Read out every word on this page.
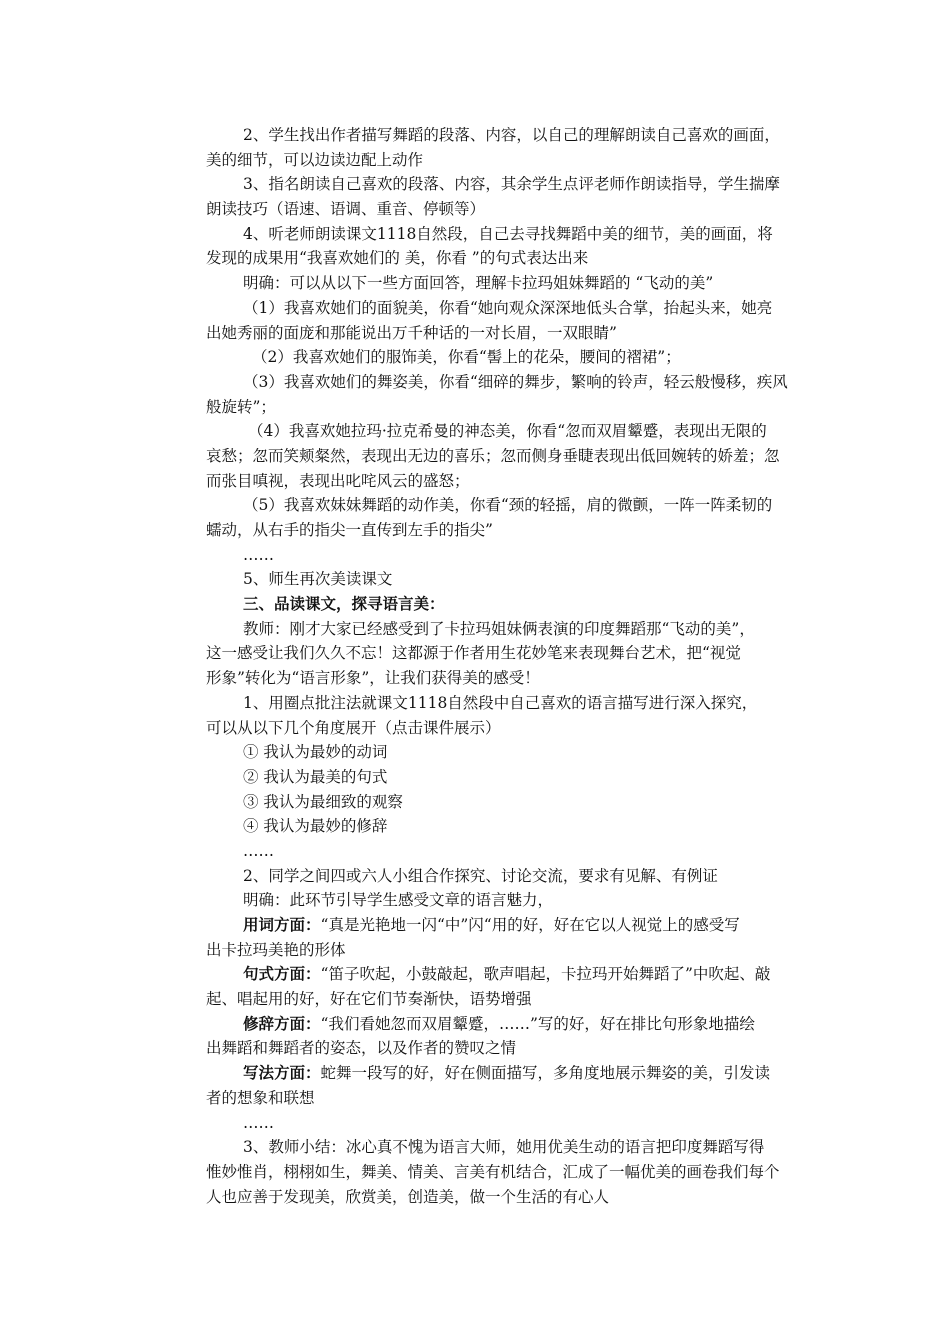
2、学生找出作者描写舞蹈的段落、内容，以自己的理解朗读自己喜欢的画面，
美的细节，可以边读边配上动作
3、指名朗读自己喜欢的段落、内容，其余学生点评老师作朗读指导，学生揣摩
朗读技巧（语速、语调、重音、停顿等）
4、听老师朗读课文1118自然段，自己去寻找舞蹈中美的细节，美的画面，将
发现的成果用“我喜欢她们的 美，你看 ”的句式表达出来
明确：可以从以下一些方面回答，理解卡拉玛姐妹舞蹈的 “飞动的美”
（1）我喜欢她们的面貌美，你看“她向观众深深地低头合掌，抬起头来，她亮
出她秀丽的面庞和那能说出万千种话的一对长眉，一双眼睛”
（2）我喜欢她们的服饰美，你看“髻上的花朵，腰间的褶裙”；
（3）我喜欢她们的舞姿美，你看“细碎的舞步，繁响的铃声，轻云般慢移，疾风
般旋转”；
（4）我喜欢她拉玛·拉克希曼的神态美，你看“忽而双眉颦蹙，表现出无限的
哀愁；忽而笑颊粲然，表现出无边的喜乐；忽而侧身垂睫表现出低回婉转的娇羞；忽
而张目嗔视，表现出叱咤风云的盛怒；
（5）我喜欢妹妹舞蹈的动作美，你看“颈的轻摇，肩的微颤，一阵一阵柔韧的
蠕动，从右手的指尖一直传到左手的指尖”
……
5、师生再次美读课文
三、品读课文，探寻语言美：
教师：刚才大家已经感受到了卡拉玛姐妹俩表演的印度舞蹈那“飞动的美”，
这一感受让我们久久不忘！这都源于作者用生花妙笔来表现舞台艺术，把“视觉
形象”转化为“语言形象”，让我们获得美的感受！
1、用圈点批注法就课文1118自然段中自己喜欢的语言描写进行深入探究，
可以从以下几个角度展开（点击课件展示）
① 我认为最妙的动词
② 我认为最美的句式
③ 我认为最细致的观察
④ 我认为最妙的修辞
……
2、同学之间四或六人小组合作探究、讨论交流，要求有见解、有例证
明确：此环节引导学生感受文章的语言魅力，
用词方面：“真是光艳地一闪“中”闪“用的好，好在它以人视觉上的感受写
出卡拉玛美艳的形体
句式方面：“笛子吹起，小鼓敲起，歌声唱起，卡拉玛开始舞蹈了”中吹起、敲
起、唱起用的好，好在它们节奏渐快，语势增强
修辞方面：“我们看她忽而双眉颦蹙，……”写的好，好在排比句形象地描绘
出舞蹈和舞蹈者的姿态，以及作者的赞叹之情
写法方面：蛇舞一段写的好，好在侧面描写，多角度地展示舞姿的美，引发读
者的想象和联想
……
3、教师小结：冰心真不愧为语言大师，她用优美生动的语言把印度舞蹈写得
惟妙惟肖，栩栩如生，舞美、情美、言美有机结合，汇成了一幅优美的画卷我们每个
人也应善于发现美，欣赏美，创造美，做一个生活的有心人
